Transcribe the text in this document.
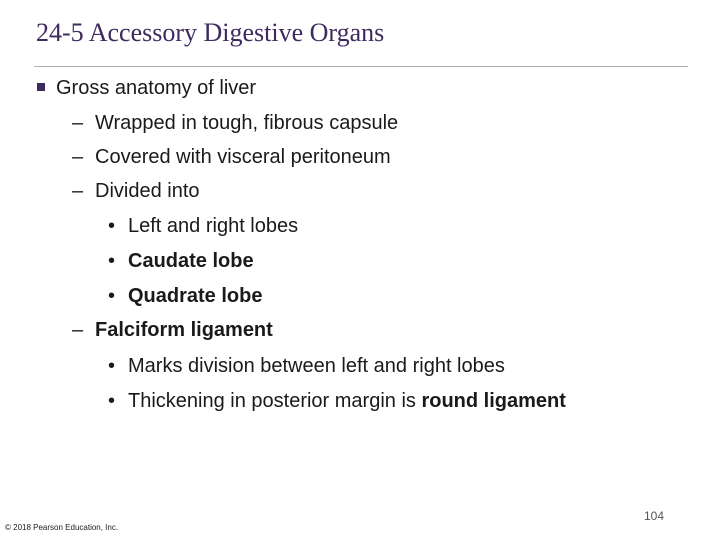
24-5 Accessory Digestive Organs
Gross anatomy of liver
– Wrapped in tough, fibrous capsule
– Covered with visceral peritoneum
– Divided into
• Left and right lobes
• Caudate lobe
• Quadrate lobe
– Falciform ligament
• Marks division between left and right lobes
• Thickening in posterior margin is round ligament
104
© 2018 Pearson Education, Inc.
